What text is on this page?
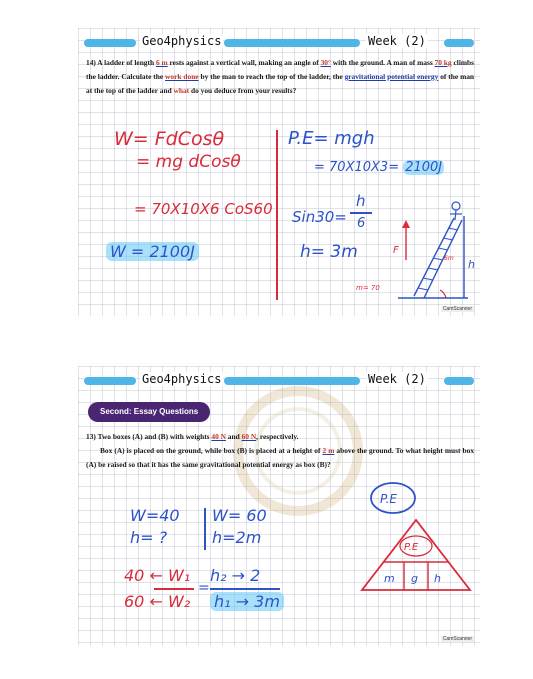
Geo4physics	Week (2)
14) A ladder of length 6 m rests against a vertical wall, making an angle of 30° with the ground. A man of mass 70 kg climbs the ladder. Calculate the work done by the man to reach the top of the ladder, the gravitational potential energy of the man at the top of the ladder and what do you deduce from your results?
W= FdCosθ
= mg dCosθ
= 70X10X6 CoS60
W = 2100J
P.E= mgh
= 70X10X3= 2100J
Sin30=
h
6
h= 3m	F
h
6m
m= 70
CamScanner
Geo4physics	Week (2)
Second: Essay Questions
13) Two boxes (A) and (B) with weights 40 N and 60 N, respectively.
Box (A) is placed on the ground, while box (B) is placed at a height of 2 m above the ground. To what height must box (A) be raised so that it has the same gravitational potential energy as box (B)?
W=40
h= ?
W= 60
h=2m
40 ← W₁ h₂ → 2
=
60 ← W₂ h₁ → 3m
P.E
P.E
m g h
CamScanner
